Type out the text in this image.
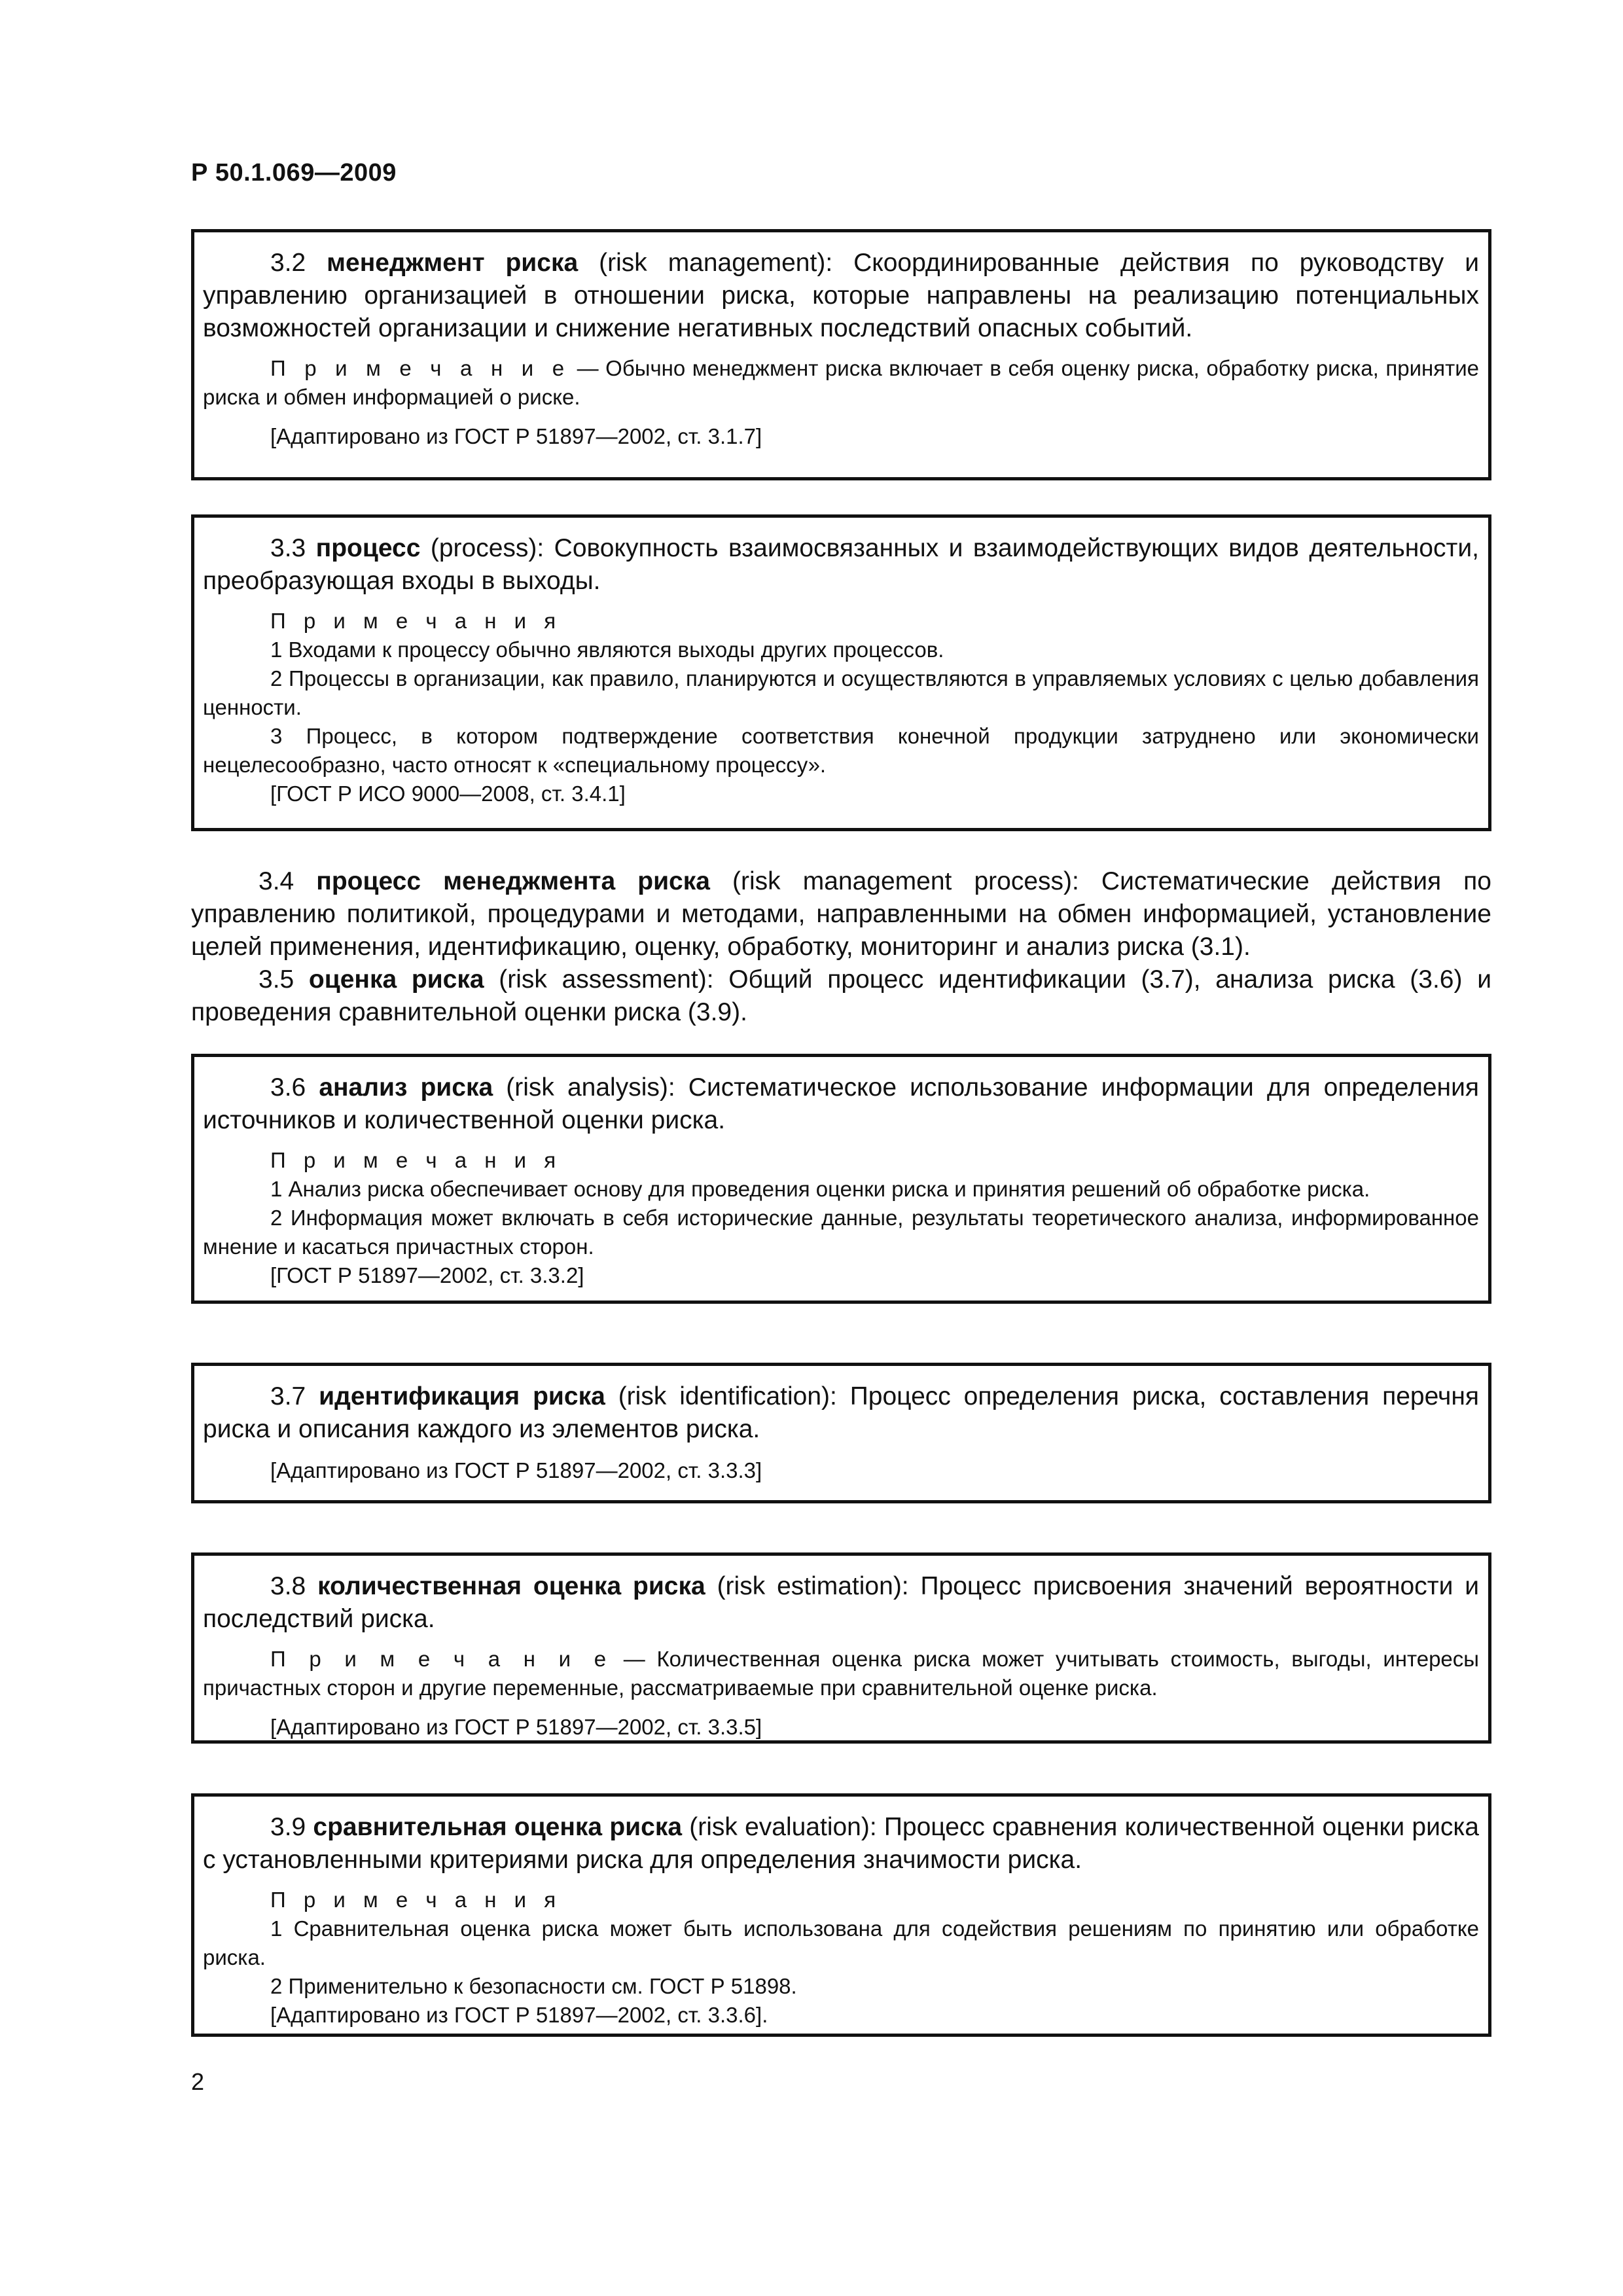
Р 50.1.069—2009

3.2 менеджмент риска (risk management): Скоординированные действия по руководству и управлению организацией в отношении риска, которые направлены на реализацию потенциальных возможностей организации и снижение негативных последствий опасных событий.

П р и м е ч а н и е — Обычно менеджмент риска включает в себя оценку риска, обработку риска, принятие риска и обмен информацией о риске.

[Адаптировано из ГОСТ Р 51897—2002, ст. 3.1.7]

3.3 процесс (process): Совокупность взаимосвязанных и взаимодействующих видов деятельности, преобразующая входы в выходы.

П р и м е ч а н и я

1 Входами к процессу обычно являются выходы других процессов.

2 Процессы в организации, как правило, планируются и осуществляются в управляемых условиях с целью добавления ценности.

3 Процесс, в котором подтверждение соответствия конечной продукции затруднено или экономически нецелесообразно, часто относят к «специальному процессу».

[ГОСТ Р ИСО 9000—2008, ст. 3.4.1]

3.4 процесс менеджмента риска (risk management process): Систематические действия по управлению политикой, процедурами и методами, направленными на обмен информацией, установление целей применения, идентификацию, оценку, обработку, мониторинг и анализ риска (3.1).

3.5 оценка риска (risk assessment): Общий процесс идентификации (3.7), анализа риска (3.6) и проведения сравнительной оценки риска (3.9).

3.6 анализ риска (risk analysis): Систематическое использование информации для определения источников и количественной оценки риска.

П р и м е ч а н и я

1 Анализ риска обеспечивает основу для проведения оценки риска и принятия решений об обработке риска.

2 Информация может включать в себя исторические данные, результаты теоретического анализа, информированное мнение и касаться причастных сторон.

[ГОСТ Р 51897—2002, ст. 3.3.2]

3.7 идентификация риска (risk identification): Процесс определения риска, составления перечня риска и описания каждого из элементов риска.

[Адаптировано из ГОСТ Р 51897—2002, ст. 3.3.3]

3.8 количественная оценка риска (risk estimation): Процесс присвоения значений вероятности и последствий риска.

П р и м е ч а н и е — Количественная оценка риска может учитывать стоимость, выгоды, интересы причастных сторон и другие переменные, рассматриваемые при сравнительной оценке риска.

[Адаптировано из ГОСТ Р 51897—2002, ст. 3.3.5]

3.9 сравнительная оценка риска (risk evaluation): Процесс сравнения количественной оценки риска с установленными критериями риска для определения значимости риска.

П р и м е ч а н и я

1 Сравнительная оценка риска может быть использована для содействия решениям по принятию или обработке риска.

2 Применительно к безопасности см. ГОСТ Р 51898.

[Адаптировано из ГОСТ Р 51897—2002, ст. 3.3.6].

2
